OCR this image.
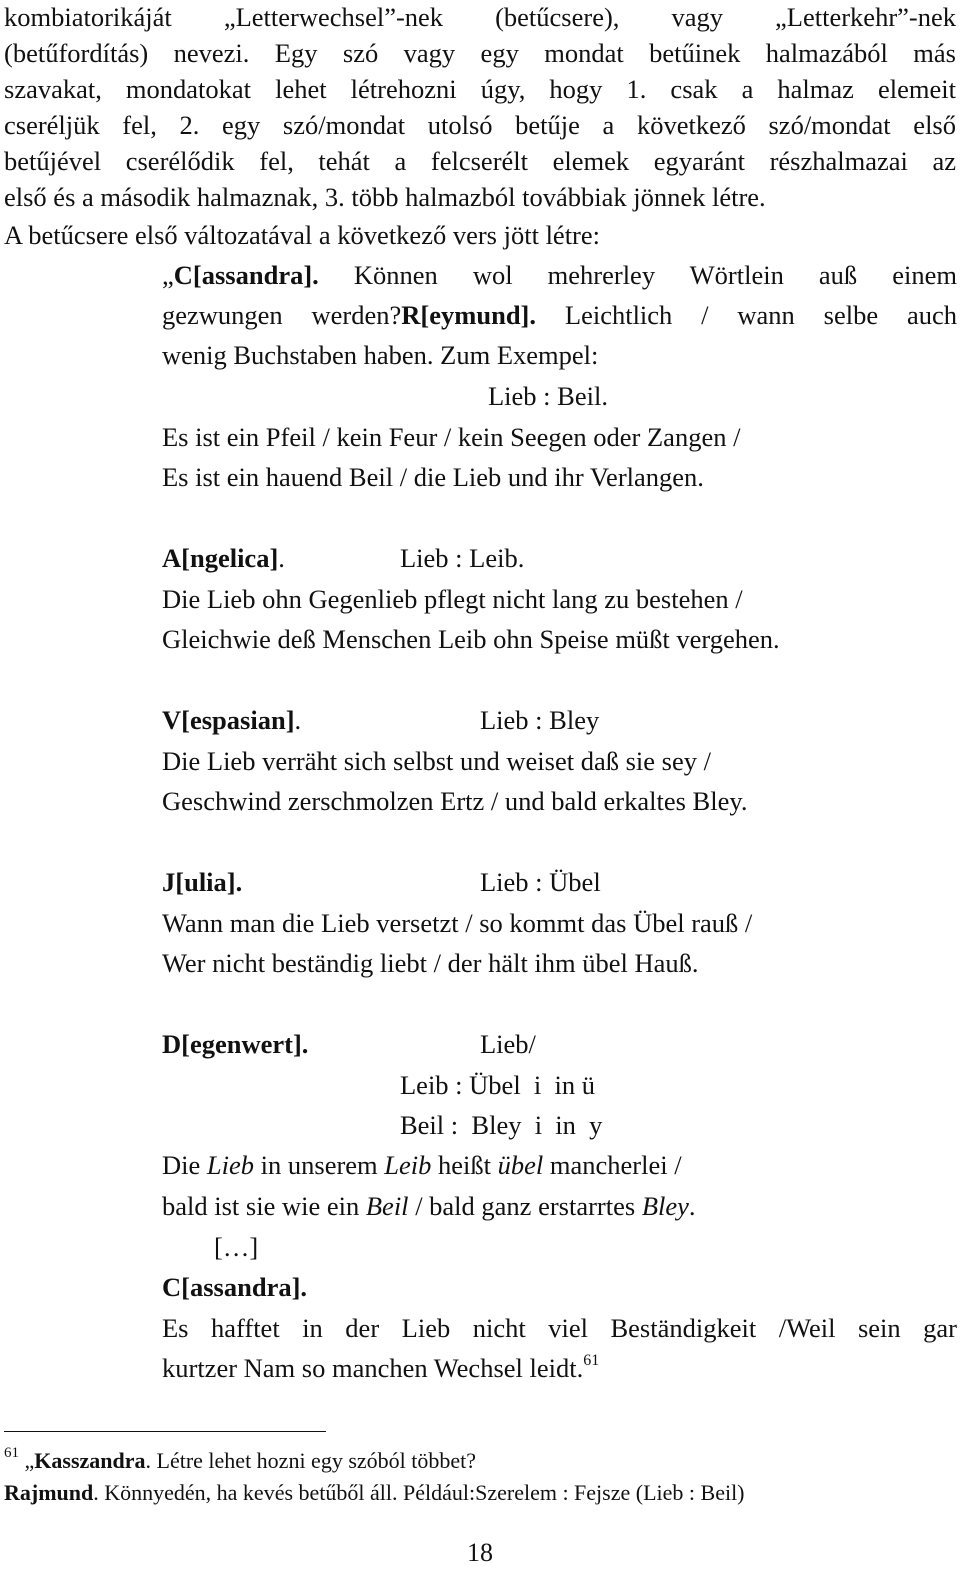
kombiatorikáját „Letterwechsel”-nek (betűcsere), vagy „Letterkehr”-nek
(betűfordítás) nevezi. Egy szó vagy egy mondat betűinek halmazából más
szavakat, mondatokat lehet létrehozni úgy, hogy 1. csak a halmaz elemeit
cseréljük fel, 2. egy szó/mondat utolsó betűje a következő szó/mondat első
betűjével cserélődik fel, tehát a felcserélt elemek egyaránt részhalmazai az
első és a második halmaznak, 3. több halmazból továbbiak jönnek létre.
A betűcsere első változatával a következő vers jött létre:
„C[assandra]. Können wol mehrerley Wörtlein auß einem
gezwungen werden?R[eymund]. Leichtlich / wann selbe auch
wenig Buchstaben haben. Zum Exempel:
Lieb : Beil.
Es ist ein Pfeil / kein Feur / kein Seegen oder Zangen /
Es ist ein hauend Beil / die Lieb und ihr Verlangen.
A[ngelica].	Lieb : Leib.
Die Lieb ohn Gegenlieb pflegt nicht lang zu bestehen /
Gleichwie deß Menschen Leib ohn Speise müßt vergehen.
V[espasian].	Lieb : Bley
Die Lieb verräht sich selbst und weiset daß sie sey /
Geschwind zerschmolzen Ertz / und bald erkaltes Bley.
J[ulia].	Lieb : Übel
Wann man die Lieb versetzt / so kommt das Übel rauß /
Wer nicht beständig liebt / der hält ihm übel Hauß.
D[egenwert].	Lieb/
Leib : Übel  i  in ü
Beil :  Bley  i  in  y
Die Lieb in unserem Leib heißt übel mancherlei /
bald ist sie wie ein Beil / bald ganz erstarrtes Bley.
[…]
C[assandra].
Es hafftet in der Lieb nicht viel Beständigkeit /Weil sein gar
kurtzer Nam so manchen Wechsel leidt.$^{61}$
$^{61}$ „Kasszandra. Létre lehet hozni egy szóból többet?
Rajmund. Könnyedén, ha kevés betűből áll. Például:Szerelem : Fejsze (Lieb : Beil)
18
